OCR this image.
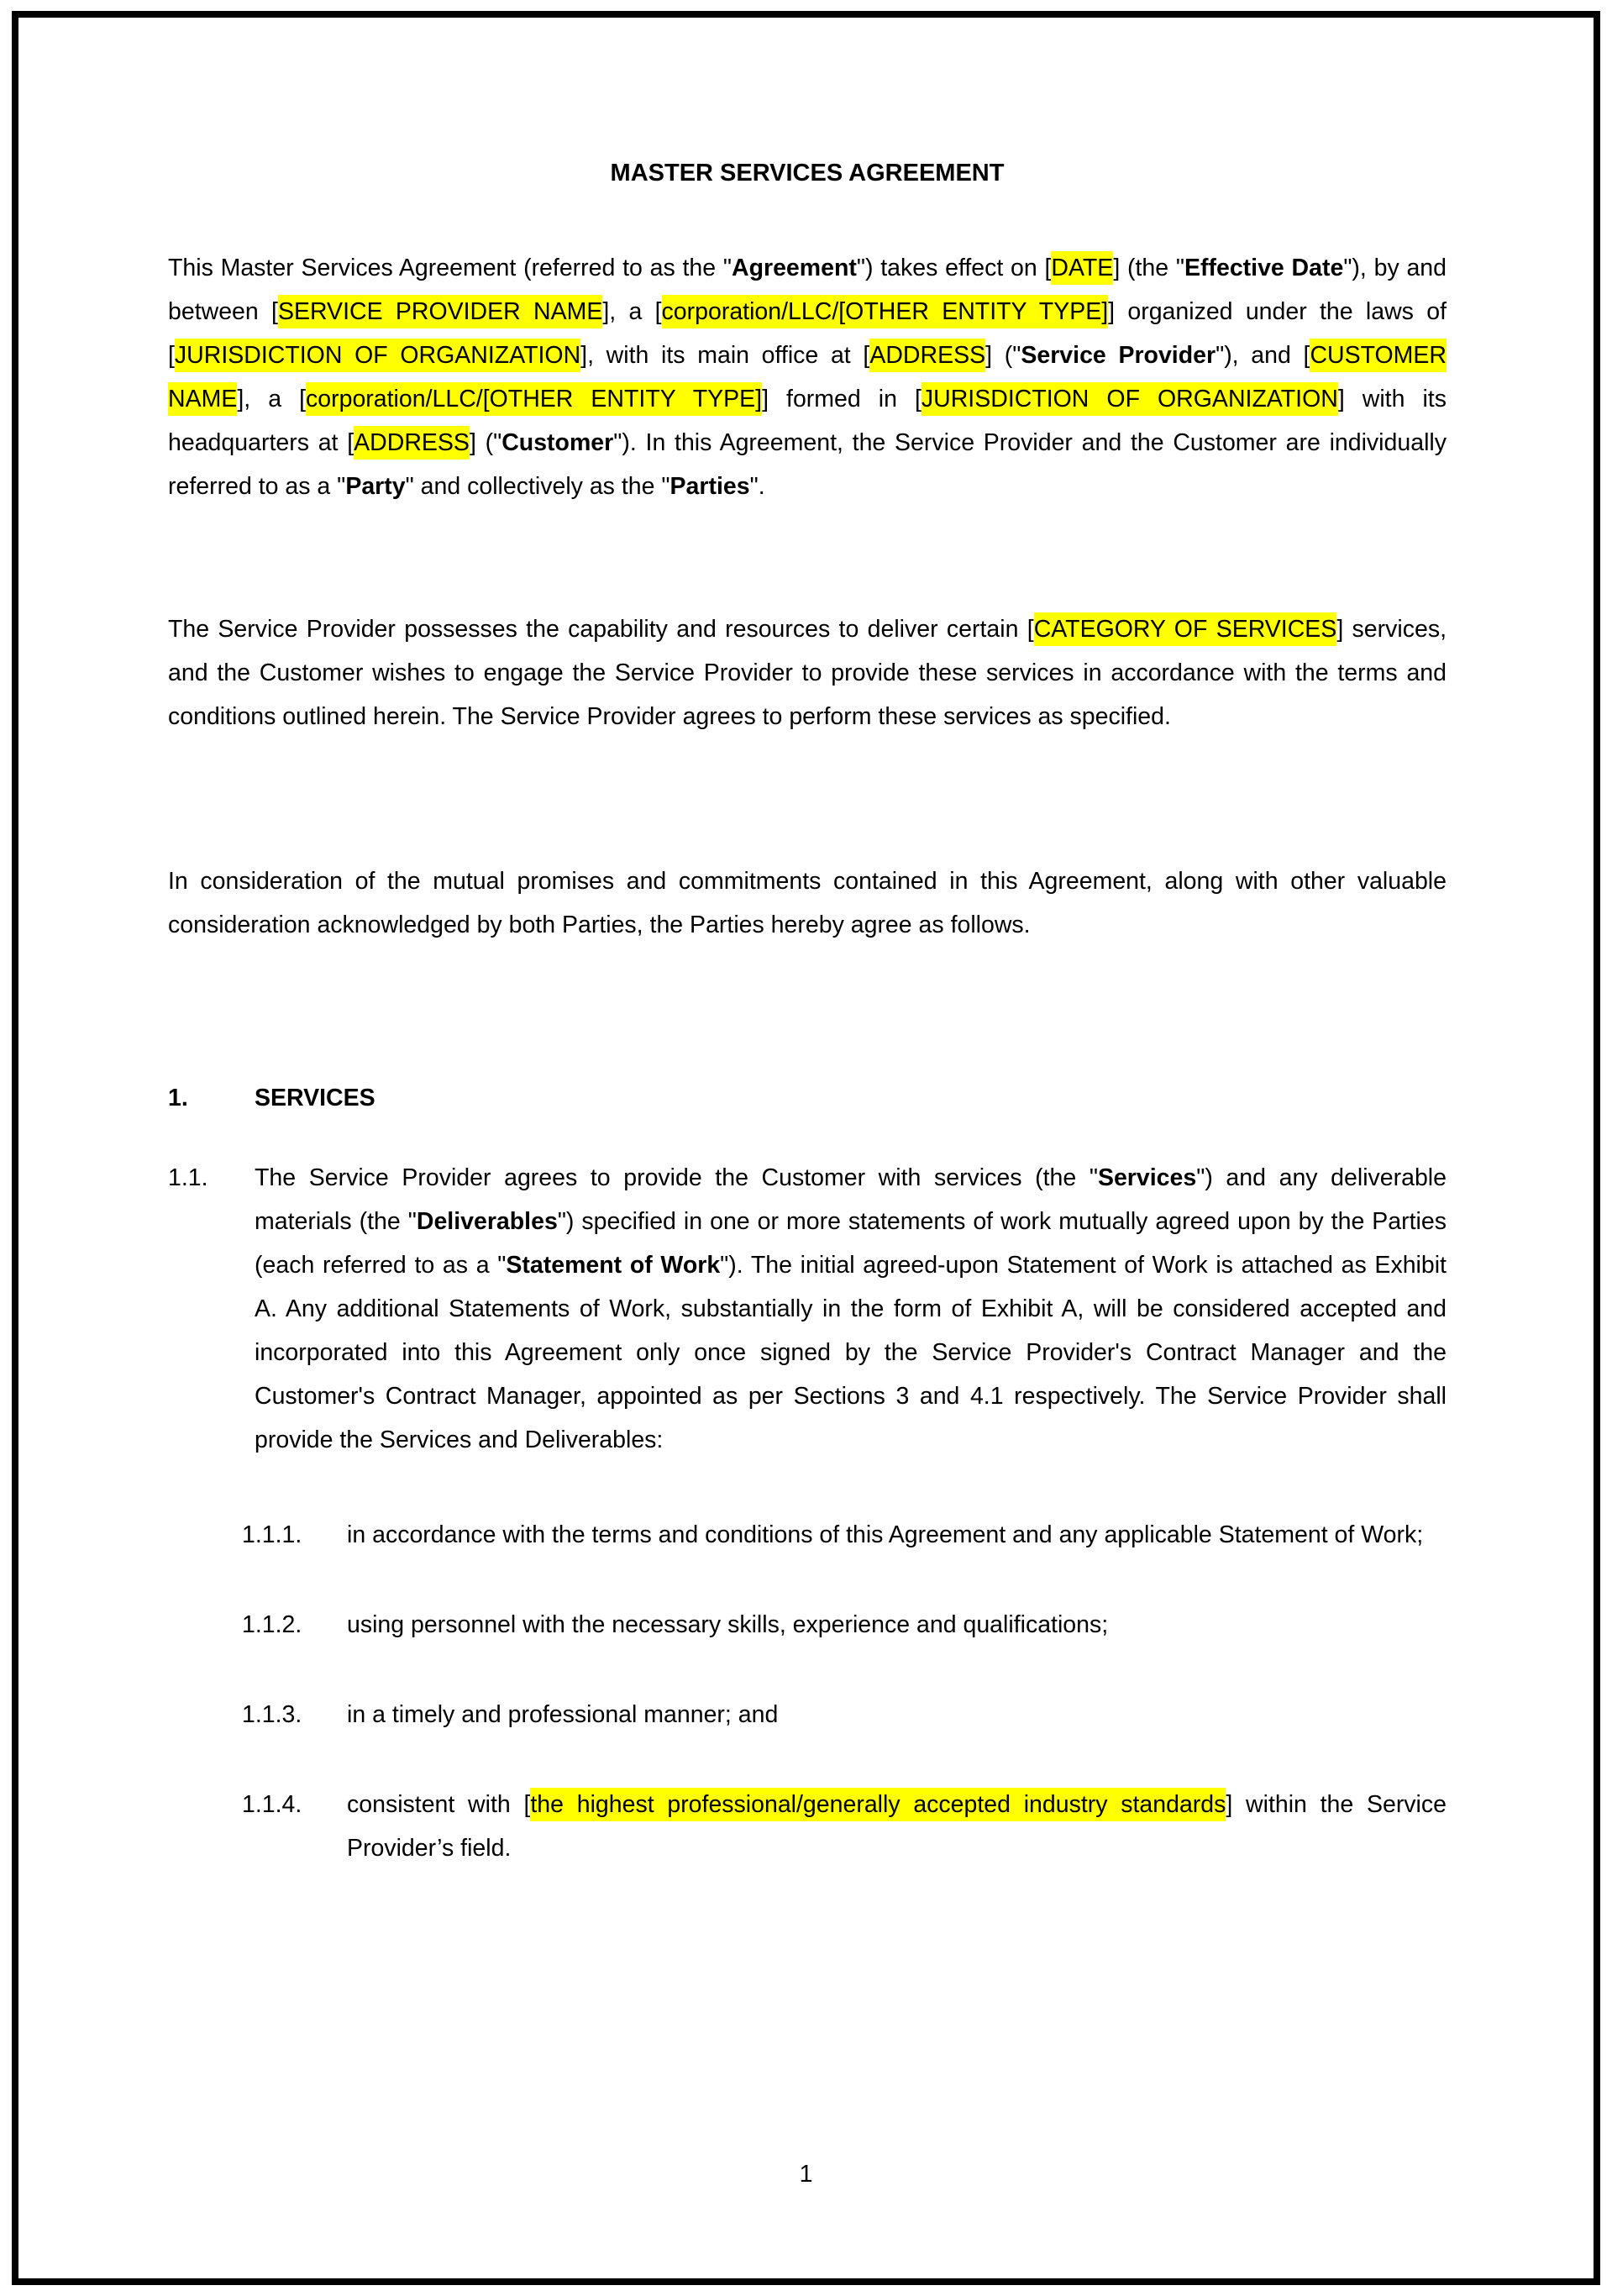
MASTER SERVICES AGREEMENT

This Master Services Agreement (referred to as the "Agreement") takes effect on [DATE] (the "Effective Date"), by and between [SERVICE PROVIDER NAME], a [corporation/LLC/[OTHER ENTITY TYPE]] organized under the laws of [JURISDICTION OF ORGANIZATION], with its main office at [ADDRESS] ("Service Provider"), and [CUSTOMER NAME], a [corporation/LLC/[OTHER ENTITY TYPE]] formed in [JURISDICTION OF ORGANIZATION] with its headquarters at [ADDRESS] ("Customer"). In this Agreement, the Service Provider and the Customer are individually referred to as a "Party" and collectively as the "Parties".

The Service Provider possesses the capability and resources to deliver certain [CATEGORY OF SERVICES] services, and the Customer wishes to engage the Service Provider to provide these services in accordance with the terms and conditions outlined herein. The Service Provider agrees to perform these services as specified.

In consideration of the mutual promises and commitments contained in this Agreement, along with other valuable consideration acknowledged by both Parties, the Parties hereby agree as follows.

1.	SERVICES
1.1. The Service Provider agrees to provide the Customer with services (the "Services") and any deliverable materials (the "Deliverables") specified in one or more statements of work mutually agreed upon by the Parties (each referred to as a "Statement of Work"). The initial agreed-upon Statement of Work is attached as Exhibit A. Any additional Statements of Work, substantially in the form of Exhibit A, will be considered accepted and incorporated into this Agreement only once signed by the Service Provider's Contract Manager and the Customer's Contract Manager, appointed as per Sections 3 and 4.1 respectively. The Service Provider shall provide the Services and Deliverables:
1.1.1. in accordance with the terms and conditions of this Agreement and any applicable Statement of Work;
1.1.2. using personnel with the necessary skills, experience and qualifications;
1.1.3. in a timely and professional manner; and
1.1.4. consistent with [the highest professional/generally accepted industry standards] within the Service Provider’s field.
1
